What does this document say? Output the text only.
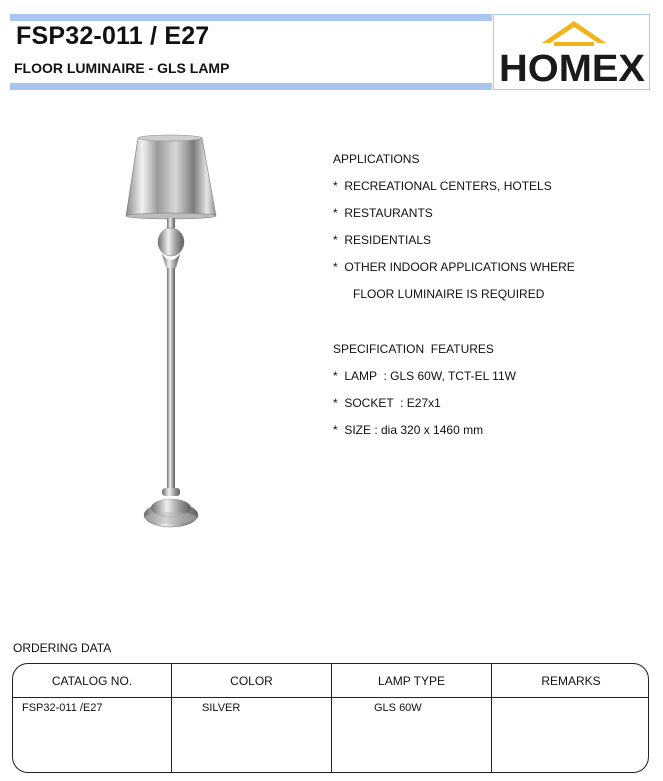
FSP32-011 / E27
FLOOR LUMINAIRE - GLS LAMP	HOMEX
APPLICATIONS
*  RECREATIONAL CENTERS, HOTELS
*  RESTAURANTS
*  RESIDENTIALS
*  OTHER INDOOR APPLICATIONS WHERE
FLOOR LUMINAIRE IS REQUIRED
SPECIFICATION  FEATURES
*  LAMP  : GLS 60W, TCT-EL 11W
*  SOCKET  : E27x1
*  SIZE : dia 320 x 1460 mm
ORDERING DATA
CATALOG NO.	COLOR	LAMP TYPE	REMARKS
FSP32-011 /E27	SILVER	GLS 60W
